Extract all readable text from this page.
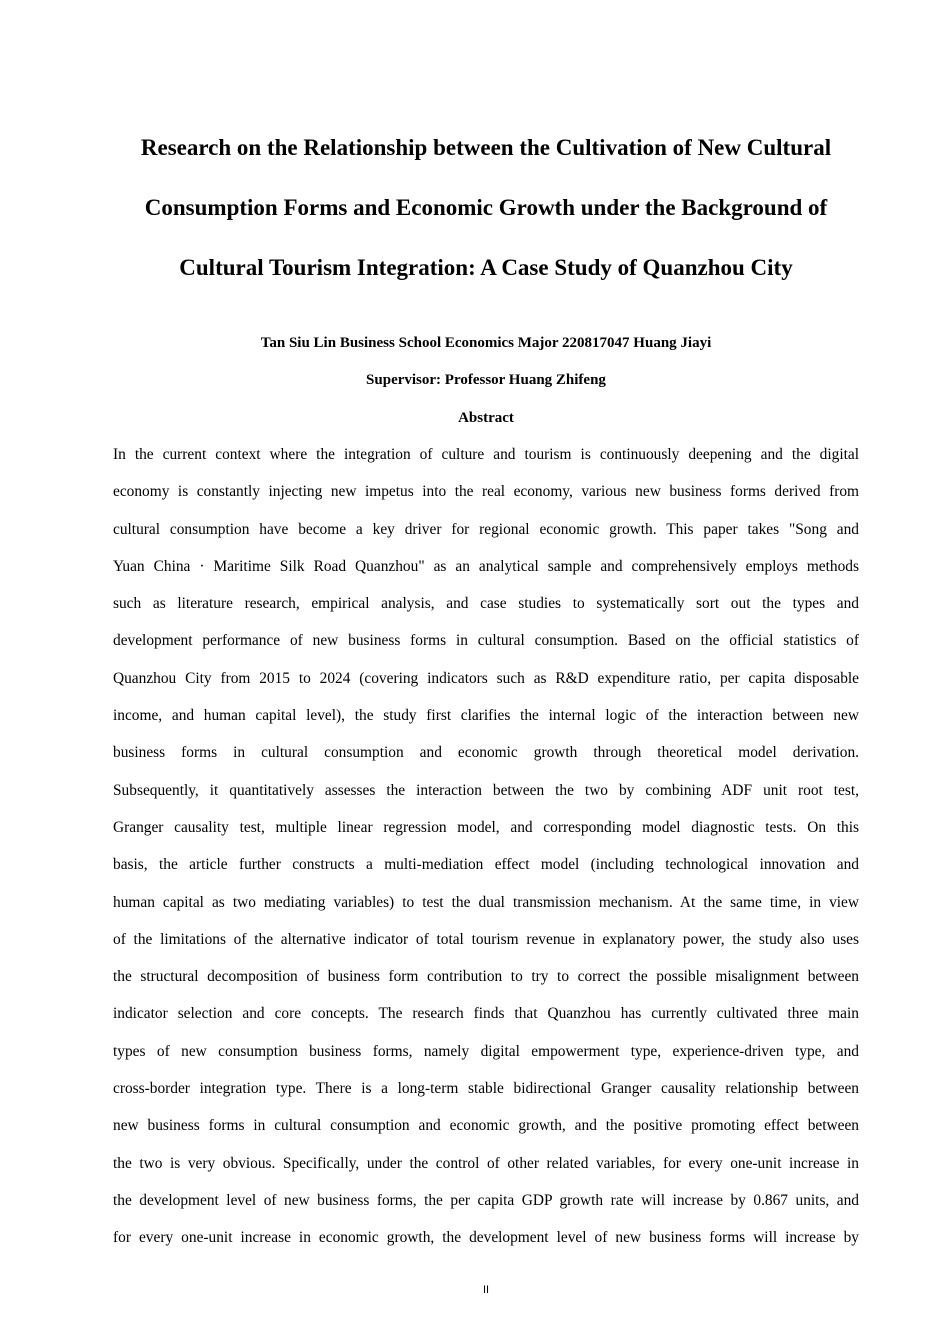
Research on the Relationship between the Cultivation of New Cultural
Consumption Forms and Economic Growth under the Background of
Cultural Tourism Integration: A Case Study of Quanzhou City

Tan Siu Lin Business School Economics Major 220817047 Huang Jiayi

Supervisor: Professor Huang Zhifeng

Abstract

In the current context where the integration of culture and tourism is continuously deepening and the digital
economy is constantly injecting new impetus into the real economy, various new business forms derived from
cultural consumption have become a key driver for regional economic growth. This paper takes "Song and
Yuan China · Maritime Silk Road Quanzhou" as an analytical sample and comprehensively employs methods
such as literature research, empirical analysis, and case studies to systematically sort out the types and
development performance of new business forms in cultural consumption. Based on the official statistics of
Quanzhou City from 2015 to 2024 (covering indicators such as R&D expenditure ratio, per capita disposable
income, and human capital level), the study first clarifies the internal logic of the interaction between new
business forms in cultural consumption and economic growth through theoretical model derivation.
Subsequently, it quantitatively assesses the interaction between the two by combining ADF unit root test,
Granger causality test, multiple linear regression model, and corresponding model diagnostic tests. On this
basis, the article further constructs a multi-mediation effect model (including technological innovation and
human capital as two mediating variables) to test the dual transmission mechanism. At the same time, in view
of the limitations of the alternative indicator of total tourism revenue in explanatory power, the study also uses
the structural decomposition of business form contribution to try to correct the possible misalignment between
indicator selection and core concepts. The research finds that Quanzhou has currently cultivated three main
types of new consumption business forms, namely digital empowerment type, experience-driven type, and
cross-border integration type. There is a long-term stable bidirectional Granger causality relationship between
new business forms in cultural consumption and economic growth, and the positive promoting effect between
the two is very obvious. Specifically, under the control of other related variables, for every one-unit increase in
the development level of new business forms, the per capita GDP growth rate will increase by 0.867 units, and
for every one-unit increase in economic growth, the development level of new business forms will increase by

II
